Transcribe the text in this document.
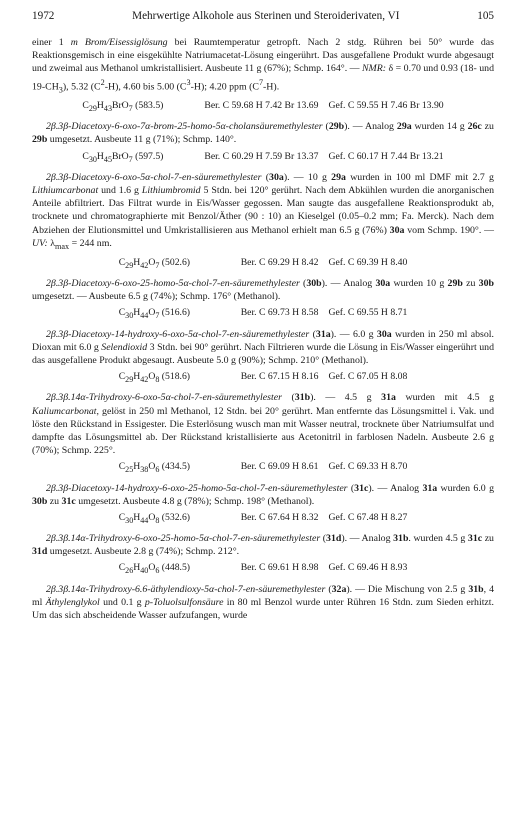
1972	Mehrwertige Alkohole aus Sterinen und Steroiderivaten, VI	105

einer 1 m Brom/Eisessiglösung bei Raumtemperatur getropft. Nach 2 stdg. Rühren bei 50° wurde das Reaktionsgemisch in eine eisgekühlte Natriumacetat-Lösung eingerührt. Das ausgefallene Produkt wurde abgesaugt und zweimal aus Methanol umkristallisiert. Ausbeute 11 g (67%); Schmp. 164°. — NMR: δ = 0.70 und 0.93 (18- und $19-CH_3$), 5.32 $(C^2-H)$, 4.60 bis 5.00 $(C^3-H)$; 4.20 ppm $(C^7-H)$.

$C_{29}H_{43}BrO_7$ (583.5)	Ber. C 59.68 H 7.42 Br 13.69 Gef. C 59.55 H 7.46 Br 13.90

2β.3β-Diacetoxy-6-oxo-7α-brom-25-homo-5α-cholansäuremethylester (29b). — Analog 29a wurden 14 g 26c zu 29b umgesetzt. Ausbeute 11 g (71%); Schmp. 140°.

$C_{30}H_{45}BrO_7$ (597.5)	Ber. C 60.29 H 7.59 Br 13.37 Gef. C 60.17 H 7.44 Br 13.21

2β.3β-Diacetoxy-6-oxo-5α-chol-7-en-säuremethylester (30a). — 10 g 29a wurden in 100 ml DMF mit 2.7 g Lithiumcarbonat und 1.6 g Lithiumbromid 5 Stdn. bei 120° gerührt. Nach dem Abkühlen wurden die anorganischen Anteile abfiltriert. Das Filtrat wurde in Eis/Wasser gegossen. Man saugte das ausgefallene Reaktionsprodukt ab, trocknete und chromatographierte mit Benzol/Äther (90 : 10) an Kieselgel (0.05–0.2 mm; Fa. Merck). Nach dem Abziehen der Elutionsmittel und Umkristallisieren aus Methanol erhielt man 6.5 g (76%) 30a vom Schmp. 190°. — UV: $\lambda_{max} = 244$ nm.

$C_{29}H_{42}O_7$ (502.6)	Ber. C 69.29 H 8.42 Gef. C 69.39 H 8.40

2β.3β-Diacetoxy-6-oxo-25-homo-5α-chol-7-en-säuremethylester (30b). — Analog 30a wurden 10 g 29b zu 30b umgesetzt. — Ausbeute 6.5 g (74%); Schmp. 176° (Methanol).

$C_{30}H_{44}O_7$ (516.6)	Ber. C 69.73 H 8.58 Gef. C 69.55 H 8.71

2β.3β-Diacetoxy-14-hydroxy-6-oxo-5α-chol-7-en-säuremethylester (31a). — 6.0 g 30a wurden in 250 ml absol. Dioxan mit 6.0 g Selendioxid 3 Stdn. bei 90° gerührt. Nach Filtrieren wurde die Lösung in Eis/Wasser eingerührt und das ausgefallene Produkt abgesaugt. Ausbeute 5.0 g (90%); Schmp. 210° (Methanol).

$C_{29}H_{42}O_8$ (518.6)	Ber. C 67.15 H 8.16 Gef. C 67.05 H 8.08

2β.3β.14α-Trihydroxy-6-oxo-5α-chol-7-en-säuremethylester (31b). — 4.5 g 31a wurden mit 4.5 g Kaliumcarbonat, gelöst in 250 ml Methanol, 12 Stdn. bei 20° gerührt. Man entfernte das Lösungsmittel i. Vak. und löste den Rückstand in Essigester. Die Esterlösung wusch man mit Wasser neutral, trocknete über Natriumsulfat und dampfte das Lösungsmittel ab. Der Rückstand kristallisierte aus Acetonitril in farblosen Nadeln. Ausbeute 2.6 g (70%); Schmp. 225°.

$C_{25}H_{38}O_6$ (434.5)	Ber. C 69.09 H 8.61 Gef. C 69.33 H 8.70

2β.3β-Diacetoxy-14-hydroxy-6-oxo-25-homo-5α-chol-7-en-säuremethylester (31c). — Analog 31a wurden 6.0 g 30b zu 31c umgesetzt. Ausbeute 4.8 g (78%); Schmp. 198° (Methanol).

$C_{30}H_{44}O_8$ (532.6)	Ber. C 67.64 H 8.32 Gef. C 67.48 H 8.27

2β.3β.14α-Trihydroxy-6-oxo-25-homo-5α-chol-7-en-säuremethylester (31d). — Analog 31b. wurden 4.5 g 31c zu 31d umgesetzt. Ausbeute 2.8 g (74%); Schmp. 212°.

$C_{26}H_{40}O_6$ (448.5)	Ber. C 69.61 H 8.98 Gef. C 69.46 H 8.93

2β.3β.14α-Trihydroxy-6.6-äthylendioxy-5α-chol-7-en-säuremethylester (32a). — Die Mischung von 2.5 g 31b, 4 ml Äthylenglykol und 0.1 g p-Toluolsulfonsäure in 80 ml Benzol wurde unter Rühren 16 Stdn. zum Sieden erhitzt. Um das sich abscheidende Wasser aufzufangen, wurde
